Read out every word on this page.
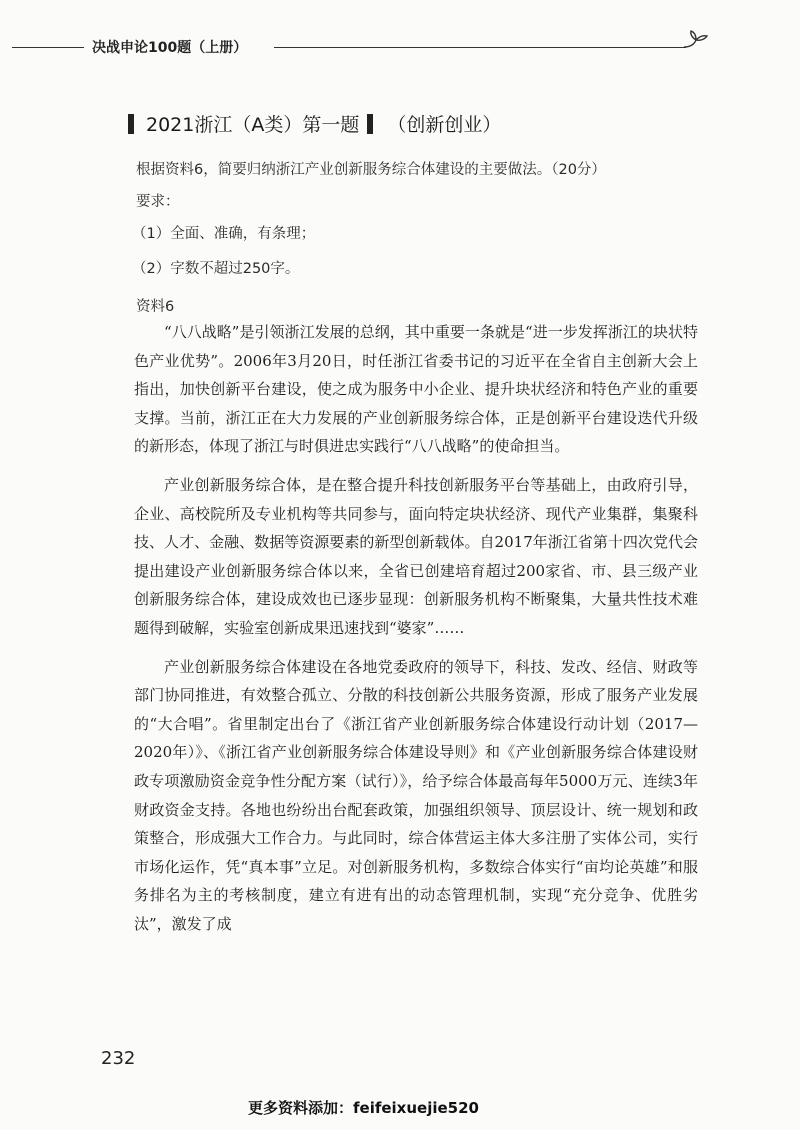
决战申论100题（上册）
2021浙江（A类）第一题 （创新创业）
根据资料6，简要归纳浙江产业创新服务综合体建设的主要做法。（20分）
要求：
（1）全面、准确，有条理；
（2）字数不超过250字。
资料6

“八八战略”是引领浙江发展的总纲，其中重要一条就是“进一步发挥浙江的块状特色产业优势”。2006年3月20日，时任浙江省委书记的习近平在全省自主创新大会上指出，加快创新平台建设，使之成为服务中小企业、提升块状经济和特色产业的重要支撑。当前，浙江正在大力发展的产业创新服务综合体，正是创新平台建设迭代升级的新形态，体现了浙江与时俱进忠实践行“八八战略”的使命担当。

产业创新服务综合体，是在整合提升科技创新服务平台等基础上，由政府引导，企业、高校院所及专业机构等共同参与，面向特定块状经济、现代产业集群，集聚科技、人才、金融、数据等资源要素的新型创新载体。自2017年浙江省第十四次党代会提出建设产业创新服务综合体以来，全省已创建培育超过200家省、市、县三级产业创新服务综合体，建设成效也已逐步显现：创新服务机构不断聚集，大量共性技术难题得到破解，实验室创新成果迅速找到“婆家”……

产业创新服务综合体建设在各地党委政府的领导下，科技、发改、经信、财政等部门协同推进，有效整合孤立、分散的科技创新公共服务资源，形成了服务产业发展的“大合唱”。省里制定出台了《浙江省产业创新服务综合体建设行动计划（2017—2020年）》、《浙江省产业创新服务综合体建设导则》和《产业创新服务综合体建设财政专项激励资金竞争性分配方案（试行）》，给予综合体最高每年5000万元、连续3年财政资金支持。各地也纷纷出台配套政策，加强组织领导、顶层设计、统一规划和政策整合，形成强大工作合力。与此同时，综合体营运主体大多注册了实体公司，实行市场化运作，凭“真本事”立足。对创新服务机构，多数综合体实行“亩均论英雄”和服务排名为主的考核制度，建立有进有出的动态管理机制，实现“充分竞争、优胜劣汰”，激发了成

232
更多资料添加：feifeixuejie520
